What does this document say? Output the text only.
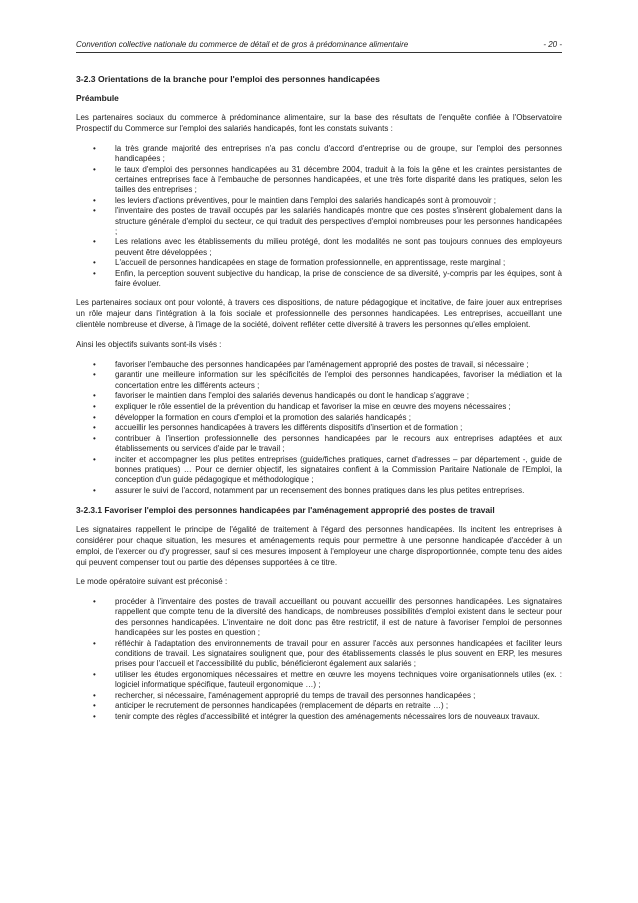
Convention collective nationale du commerce de détail et de gros à prédominance alimentaire	- 20 -
3-2.3 Orientations de la branche pour l'emploi des personnes handicapées
Préambule

Les partenaires sociaux du commerce à prédominance alimentaire, sur la base des résultats de l'enquête confiée à l'Observatoire Prospectif du Commerce sur l'emploi des salariés handicapés, font les constats suivants :

• la très grande majorité des entreprises n'a pas conclu d'accord d'entreprise ou de groupe, sur l'emploi des personnes handicapées ;
• le taux d'emploi des personnes handicapées au 31 décembre 2004, traduit à la fois la gêne et les craintes persistantes de certaines entreprises face à l'embauche de personnes handicapées, et une très forte disparité dans les pratiques, selon les tailles des entreprises ;
• les leviers d'actions préventives, pour le maintien dans l'emploi des salariés handicapés sont à promouvoir ;
• l'inventaire des postes de travail occupés par les salariés handicapés montre que ces postes s'insèrent globalement dans la structure générale d'emploi du secteur, ce qui traduit des perspectives d'emploi nombreuses pour les personnes handicapées ;
• Les relations avec les établissements du milieu protégé, dont les modalités ne sont pas toujours connues des employeurs peuvent être développées ;
• L'accueil de personnes handicapées en stage de formation professionnelle, en apprentissage, reste marginal ;
• Enfin, la perception souvent subjective du handicap, la prise de conscience de sa diversité, y-compris par les équipes, sont à faire évoluer.

Les partenaires sociaux ont pour volonté, à travers ces dispositions, de nature pédagogique et incitative, de faire jouer aux entreprises un rôle majeur dans l'intégration à la fois sociale et professionnelle des personnes handicapées. Les entreprises, accueillant une clientèle nombreuse et diverse, à l'image de la société, doivent refléter cette diversité à travers les personnes qu'elles emploient.

Ainsi les objectifs suivants sont-ils visés :

• favoriser l'embauche des personnes handicapées par l'aménagement approprié des postes de travail, si nécessaire ;
• garantir une meilleure information sur les spécificités de l'emploi des personnes handicapées, favoriser la médiation et la concertation entre les différents acteurs ;
• favoriser le maintien dans l'emploi des salariés devenus handicapés ou dont le handicap s'aggrave ;
• expliquer le rôle essentiel de la prévention du handicap et favoriser la mise en œuvre des moyens nécessaires ;
• développer la formation en cours d'emploi et la promotion des salariés handicapés ;
• accueillir les personnes handicapées à travers les différents dispositifs d'insertion et de formation ;
• contribuer à l'insertion professionnelle des personnes handicapées par le recours aux entreprises adaptées et aux établissements ou services d'aide par le travail ;
• inciter et accompagner les plus petites entreprises (guide/fiches pratiques, carnet d'adresses – par département -, guide de bonnes pratiques) … Pour ce dernier objectif, les signataires confient à la Commission Paritaire Nationale de l'Emploi, la conception d'un guide pédagogique et méthodologique ;
• assurer le suivi de l'accord, notamment par un recensement des bonnes pratiques dans les plus petites entreprises.
3-2.3.1 Favoriser l'emploi des personnes handicapées par l'aménagement approprié des postes de travail

Les signataires rappellent le principe de l'égalité de traitement à l'égard des personnes handicapées. Ils incitent les entreprises à considérer pour chaque situation, les mesures et aménagements requis pour permettre à une personne handicapée d'accéder à un emploi, de l'exercer ou d'y progresser, sauf si ces mesures imposent à l'employeur une charge disproportionnée, compte tenu des aides qui peuvent compenser tout ou partie des dépenses supportées à ce titre.

Le mode opératoire suivant est préconisé :

• procéder à l'inventaire des postes de travail accueillant ou pouvant accueillir des personnes handicapées. Les signataires rappellent que compte tenu de la diversité des handicaps, de nombreuses possibilités d'emploi existent dans le secteur pour des personnes handicapées. L'inventaire ne doit donc pas être restrictif, il est de nature à favoriser l'emploi de personnes handicapées sur les postes en question ;
• réfléchir à l'adaptation des environnements de travail pour en assurer l'accès aux personnes handicapées et faciliter leurs conditions de travail. Les signataires soulignent que, pour des établissements classés le plus souvent en ERP, les mesures prises pour l'accueil et l'accessibilité du public, bénéficieront également aux salariés ;
• utiliser les études ergonomiques nécessaires et mettre en œuvre les moyens techniques voire organisationnels utiles (ex. : logiciel informatique spécifique, fauteuil ergonomique …) ;
• rechercher, si nécessaire, l'aménagement approprié du temps de travail des personnes handicapées ;
• anticiper le recrutement de personnes handicapées (remplacement de départs en retraite …) ;
• tenir compte des règles d'accessibilité et intégrer la question des aménagements nécessaires lors de nouveaux travaux.
